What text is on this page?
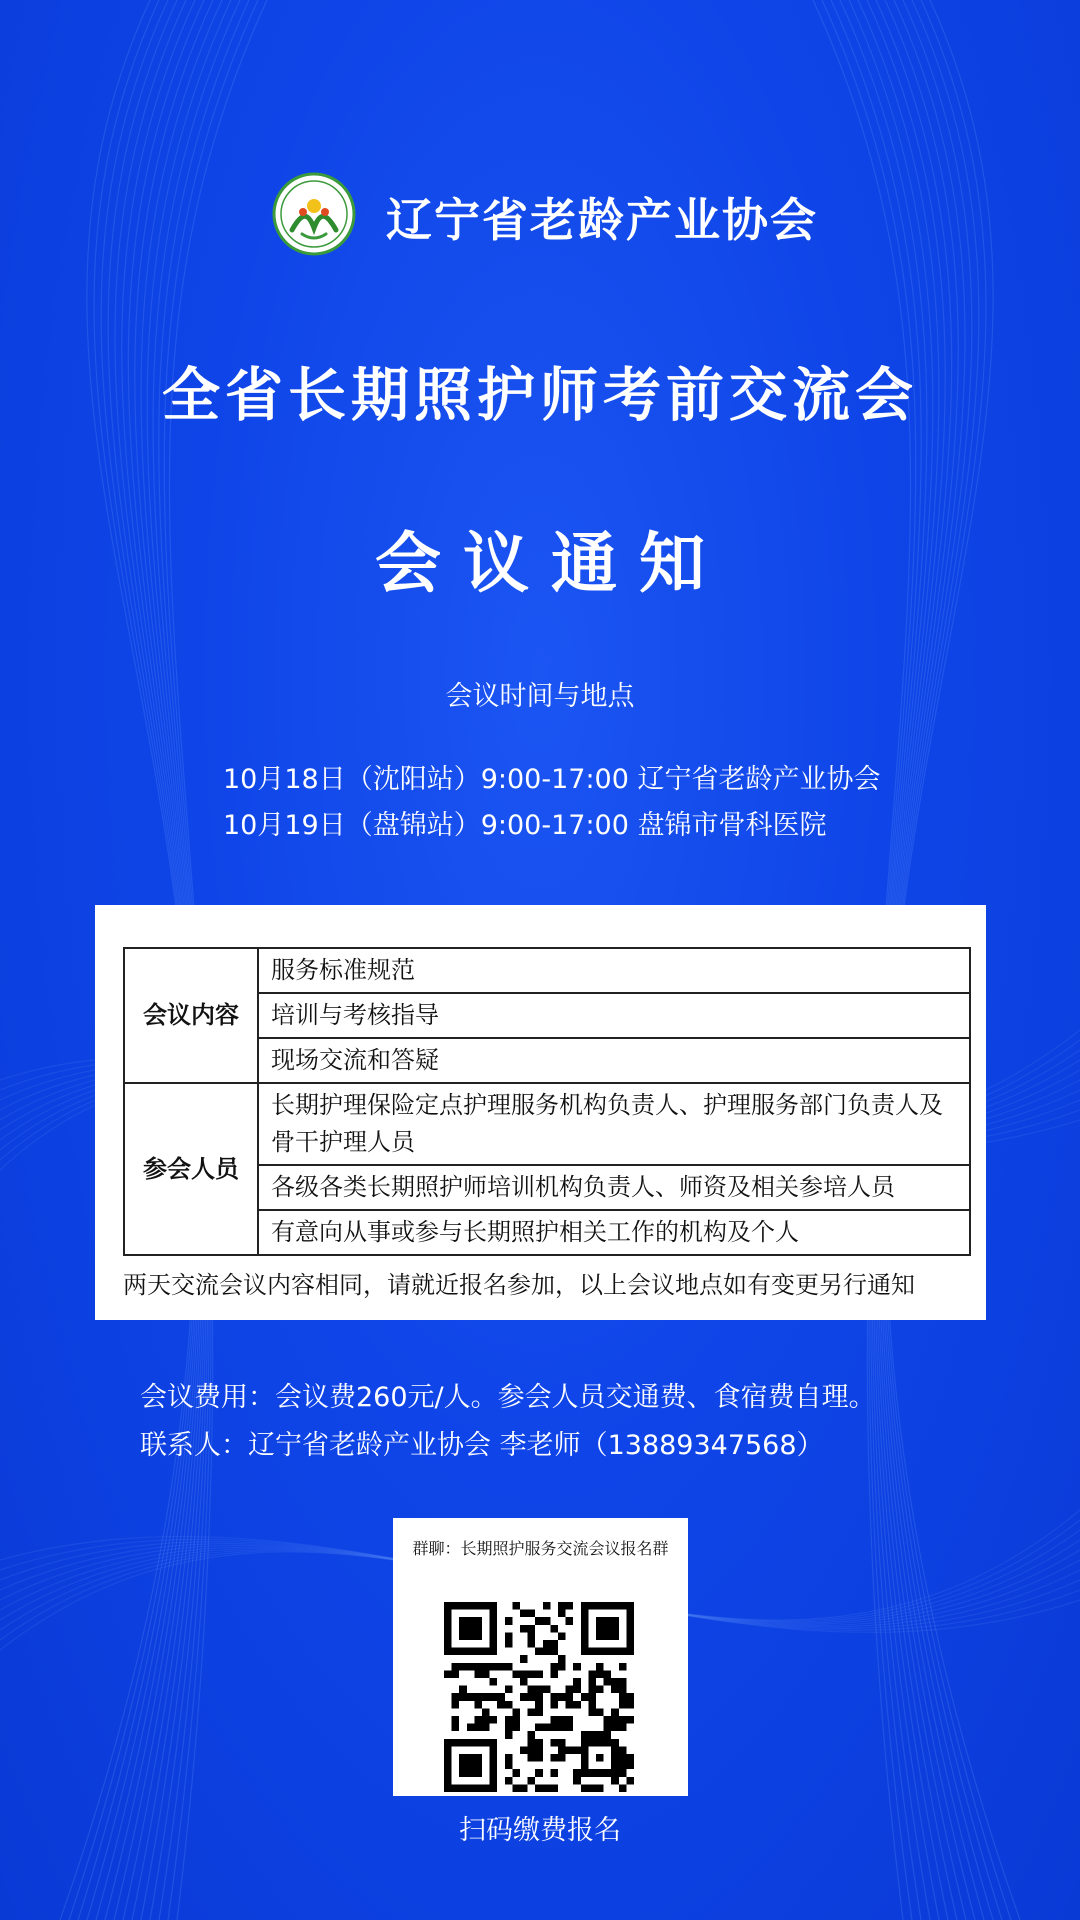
辽宁省老龄产业协会
全省长期照护师考前交流会
会议通知
会议时间与地点
10月18日（沈阳站）9:00-17:00 辽宁省老龄产业协会
10月19日（盘锦站）9:00-17:00 盘锦市骨科医院
会议内容	服务标准规范
	培训与考核指导
	现场交流和答疑
参会人员	长期护理保险定点护理服务机构负责人、护理服务部门负责人及骨干护理人员
	各级各类长期照护师培训机构负责人、师资及相关参培人员
	有意向从事或参与长期照护相关工作的机构及个人
两天交流会议内容相同，请就近报名参加，以上会议地点如有变更另行通知
会议费用：会议费260元/人。参会人员交通费、食宿费自理。
联系人：辽宁省老龄产业协会 李老师（13889347568）
群聊：长期照护服务交流会议报名群
扫码缴费报名
